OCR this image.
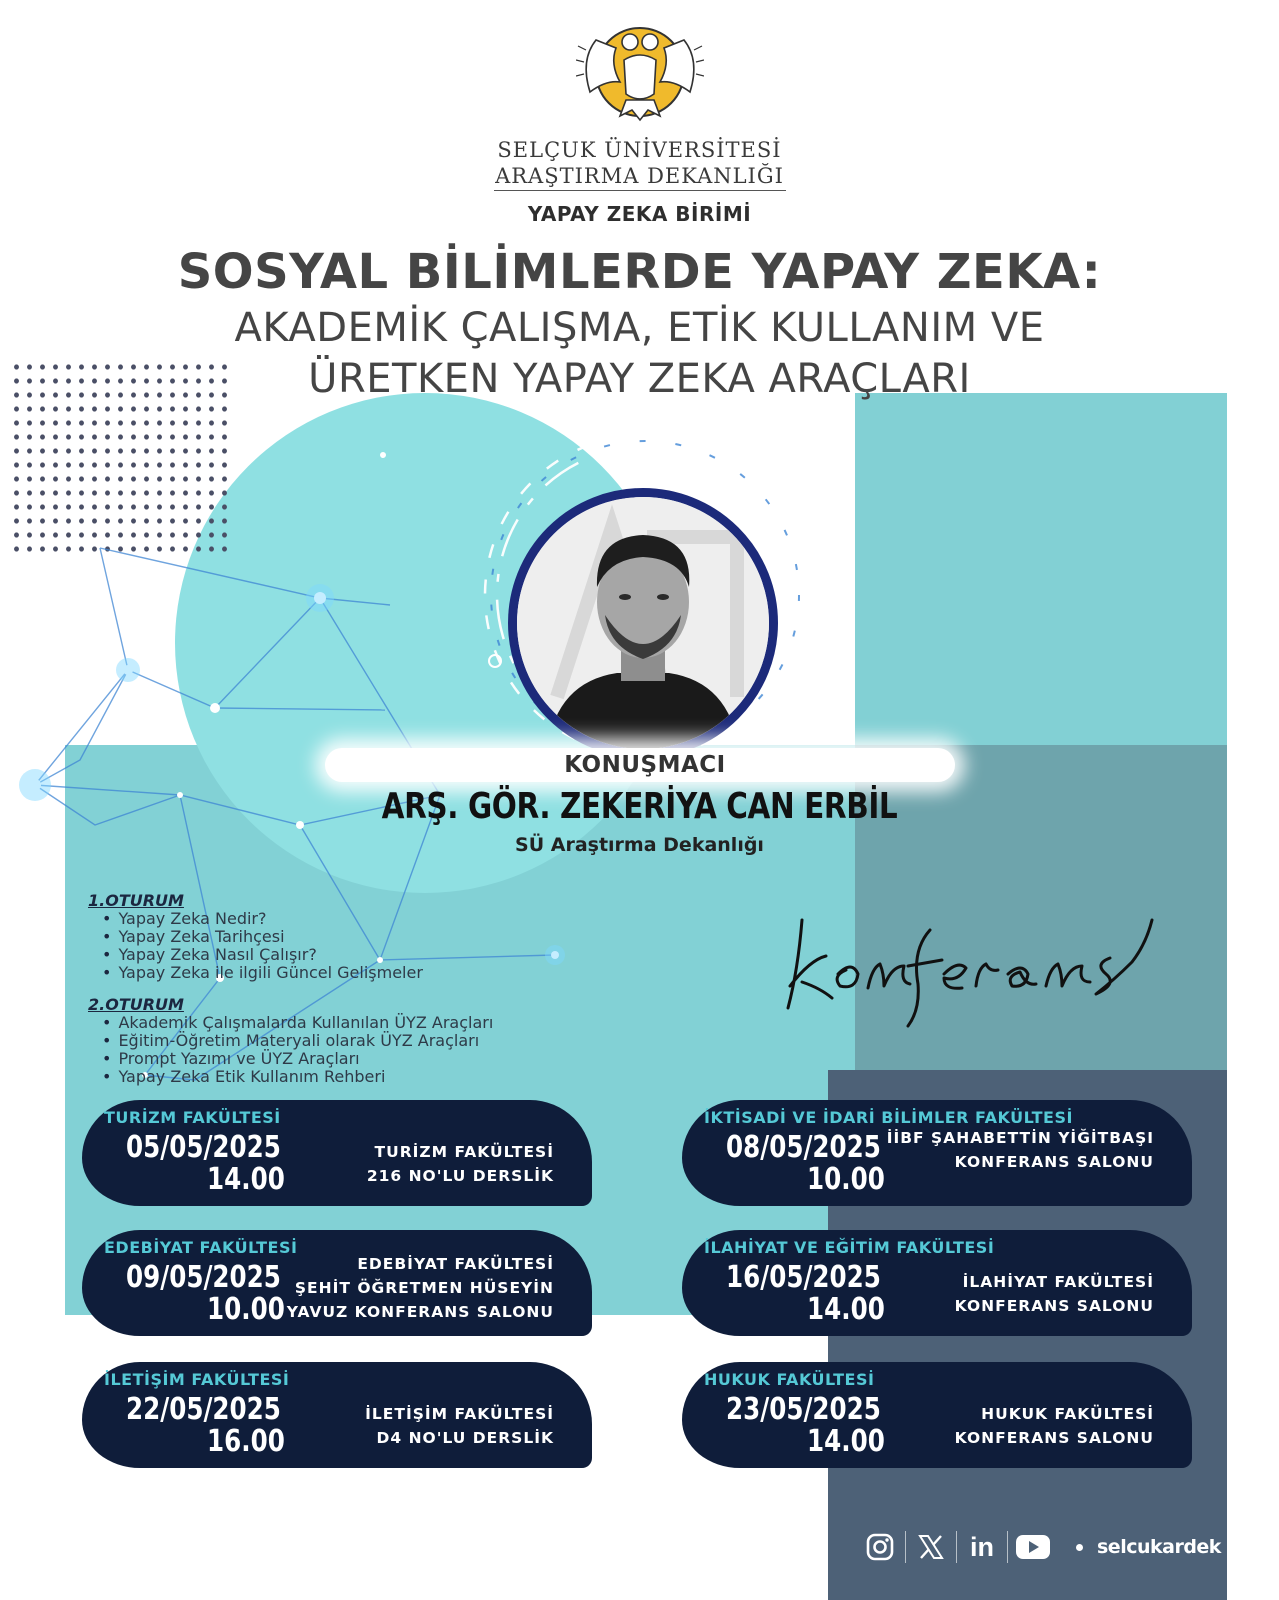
SELÇUK ÜNİVERSİTESİ
ARAŞTIRMA DEKANLIĞI
YAPAY ZEKA BİRİMİ
SOSYAL BİLİMLERDE YAPAY ZEKA:
AKADEMİK ÇALIŞMA, ETİK KULLANIM VE
ÜRETKEN YAPAY ZEKA ARAÇLARI
KONUŞMACI
ARŞ. GÖR. ZEKERİYA CAN ERBİL
SÜ Araştırma Dekanlığı
1.OTURUM
• Yapay Zeka Nedir?
• Yapay Zeka Tarihçesi
• Yapay Zeka Nasıl Çalışır?
• Yapay Zeka ile ilgili Güncel Gelişmeler
2.OTURUM
• Akademik Çalışmalarda Kullanılan ÜYZ Araçları
• Eğitim-Öğretim Materyali olarak ÜYZ Araçları
• Prompt Yazımı ve ÜYZ Araçları
• Yapay Zeka Etik Kullanım Rehberi
TURİZM FAKÜLTESİ
05/05/2025
14.00
TURİZM FAKÜLTESİ
216 NO'LU DERSLİK
İKTİSADİ VE İDARİ BİLİMLER FAKÜLTESİ
08/05/2025
10.00
İİBF ŞAHABETTİN YİĞİTBAŞI
KONFERANS SALONU
EDEBİYAT FAKÜLTESİ
09/05/2025
10.00
EDEBİYAT FAKÜLTESİ
ŞEHİT ÖĞRETMEN HÜSEYİN
YAVUZ KONFERANS SALONU
İLAHİYAT VE EĞİTİM FAKÜLTESİ
16/05/2025
14.00
İLAHİYAT FAKÜLTESİ
KONFERANS SALONU
İLETİŞİM FAKÜLTESİ
22/05/2025
16.00
İLETİŞİM FAKÜLTESİ
D4 NO'LU DERSLİK
HUKUK FAKÜLTESİ
23/05/2025
14.00
HUKUK FAKÜLTESİ
KONFERANS SALONU
in	selcukardek
